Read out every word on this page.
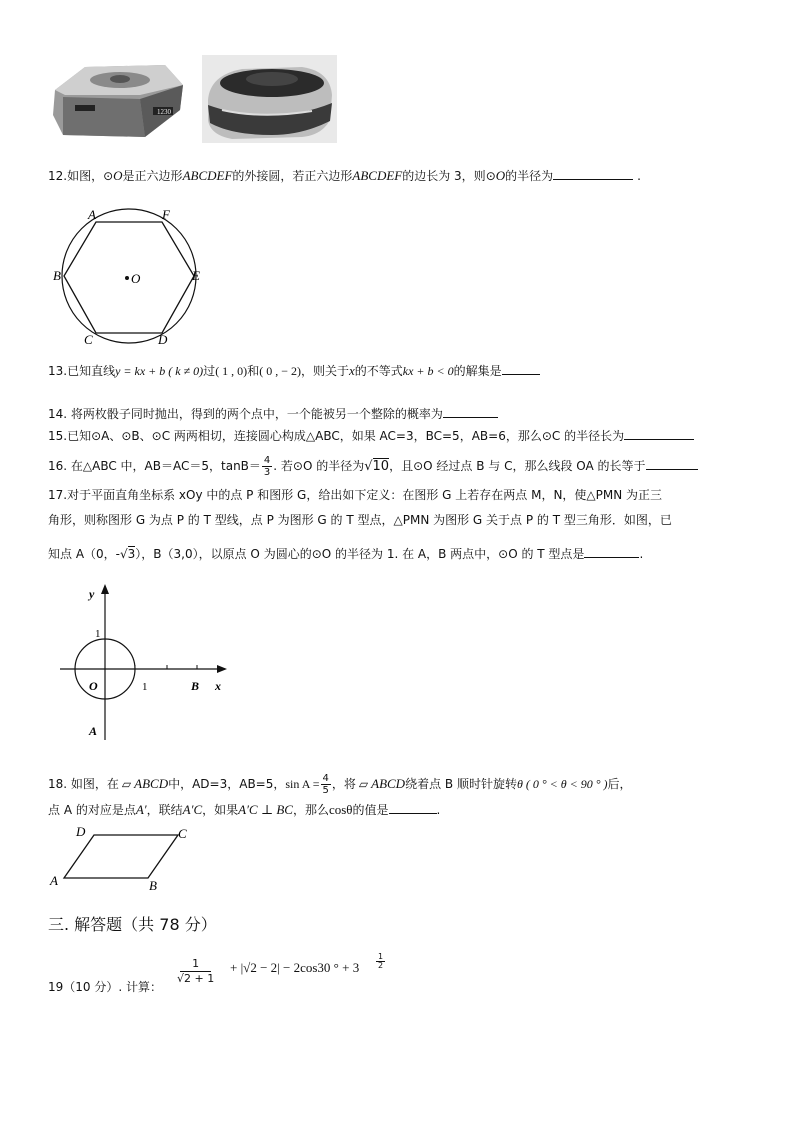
1230
12.如图，⊙O是正六边形ABCDEF的外接圆，若正六边形ABCDEF的边长为 3，则⊙O的半径为	.
A	F
B	E
O
C	D
13.已知直线y = kx + b ( k ≠ 0)过( 1 , 0)和( 0 , − 2)，则关于x的不等式kx + b < 0的解集是
14. 将两枚骰子同时抛出，得到的两个点中，一个能被另一个整除的概率为
15.已知⊙A、⊙B、⊙C 两两相切，连接圆心构成△ABC，如果 AC=3，BC=5，AB=6，那么⊙C 的半径长为
16. 在△ABC 中，AB＝AC＝5，$\tan B= \frac{4}{3}$ . 若⊙O 的半径为√10，且⊙O 经过点 B 与 C，那么线段 OA 的长等于
17.对于平面直角坐标系 xOy 中的点 P 和图形 G，给出如下定义：在图形 G 上若存在两点 M，N，使△PMN 为正三
角形，则称图形 G 为点 P 的 T 型线，点 P 为图形 G 的 T 型点，△PMN 为图形 G 关于点 P 的 T 型三角形．如图，已
知点 A（0，-√3），B（3,0），以原点 O 为圆心的⊙O 的半径为 1. 在 A，B 两点中，⊙O 的 T 型点是	.
y
1
O	1	B x
A
18. 如图，在 ▱ ABCD中，AD=3，AB=5，$\sin A = \frac{4}{5}$ ，将 ▱ ABCD绕着点 B 顺时针旋转θ ( 0 ° < θ < 90 ° )后，
点 A 的对应是点A′，联结A′C，如果A′C ⊥ BC，那么cosθ的值是	.
D	C
A	B
三. 解答题（共 78 分）
19（10 分）. 计算：
$\frac{1}{√2 + 1} + |√2 - 2| - 2\cos 30$ ° + $3 \frac{1}{2}$
